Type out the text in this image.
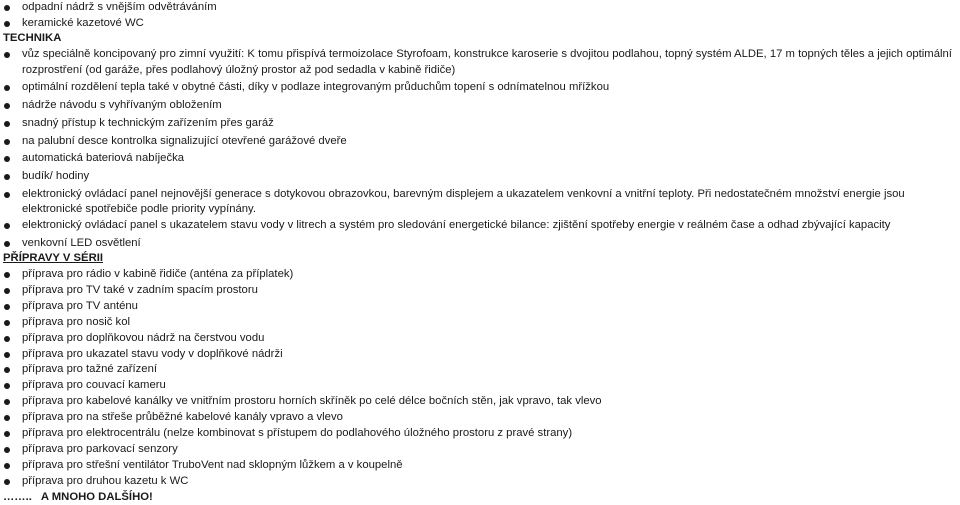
odpadní nádrž s vnějším odvětráváním
keramické kazetové WC
TECHNIKA
vůz speciálně koncipovaný pro zimní využití: K tomu přispívá termoizolace Styrofoam, konstrukce karoserie s dvojitou podlahou, topný systém ALDE, 17 m topných těles a jejich optimální rozprostření (od garáže, přes podlahový úložný prostor až pod sedadla v kabině řidiče)
optimální rozdělení tepla také v obytné části, díky v podlaze integrovaným průduchům topení s odnímatelnou mřížkou
nádrže návodu s vyhřívaným obložením
snadný přístup k technickým zařízením přes garáž
na palubní desce kontrolka signalizující otevřené garážové dveře
automatická bateriová nabíječka
budík/ hodiny
elektronický ovládací panel nejnovější generace s dotykovou obrazovkou, barevným displejem a ukazatelem venkovní a vnitřní teploty. Při nedostatečném množství energie jsou elektronické spotřebiče podle priority vypínány.
elektronický ovládací panel s ukazatelem stavu vody v litrech a systém pro sledování energetické bilance: zjištění spotřeby energie v reálném čase a odhad zbývající kapacity
venkovní LED osvětlení
PŘÍPRAVY V SÉRII
příprava pro rádio v kabině řidiče (anténa za příplatek)
příprava pro TV také v zadním spacím prostoru
příprava pro TV anténu
příprava pro nosič kol
příprava pro doplňkovou nádrž na čerstvou vodu
příprava pro ukazatel stavu vody v doplňkové nádrži
příprava pro tažné zařízení
příprava pro couvací kameru
příprava pro kabelové kanálky ve vnitřním prostoru horních skříněk po celé délce bočních stěn, jak vpravo, tak vlevo
příprava pro na střeše průběžné kabelové kanály vpravo a vlevo
příprava pro elektrocentrálu (nelze kombinovat s přístupem do podlahového úložného prostoru z pravé strany)
příprava pro parkovací senzory
příprava pro střešní ventilátor TruboVent nad sklopným lůžkem a v koupelně
příprava pro druhou kazetu k WC
……..   A MNOHO DALŠÍHO!
